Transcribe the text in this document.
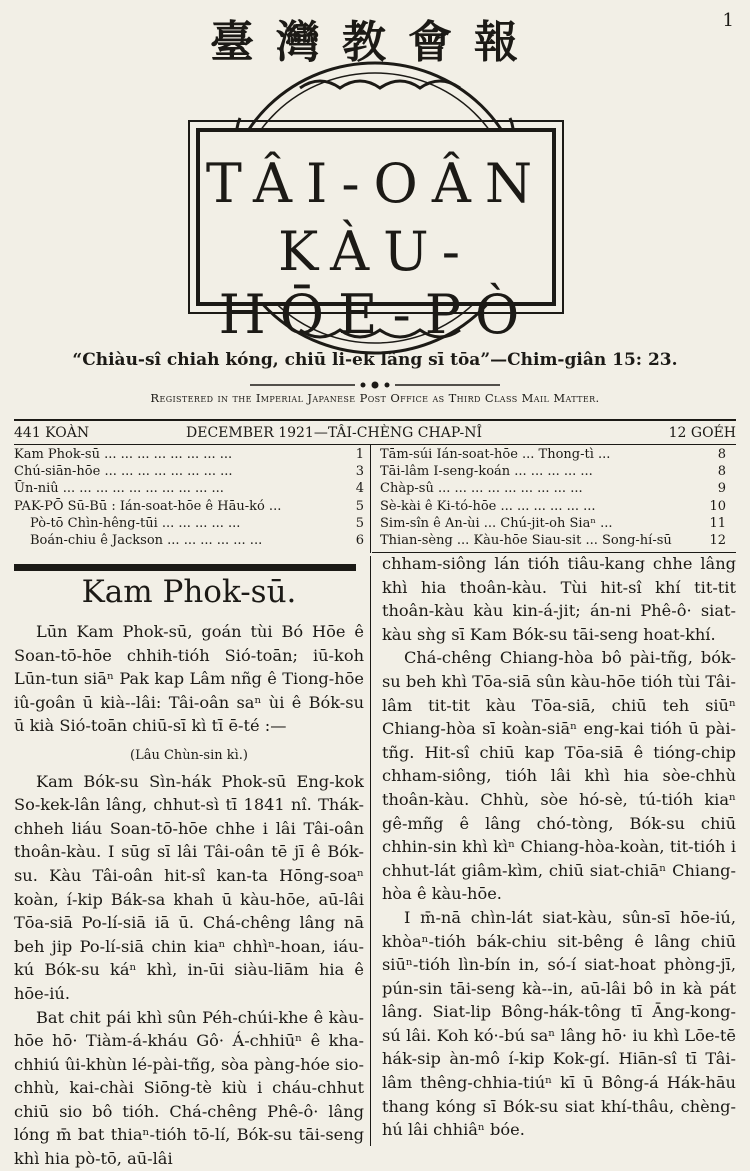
1
臺灣教會報
TÂI-OÂN
KÀU-HŌE-PÒ
“Chiàu-sî chiah kóng, chiū li-ek lâng sī tōa”—Chim-giân 15: 23.
Registered in the Imperial Japanese Post Office as Third Class Mail Matter.
441 KOÀN	DECEMBER 1921—TÂI-CHÈNG CHAP-NÎ	12 GOÉH
Kam Phok-sū ... ... ... ... ... ... ... ...	1
Chú-siān-hōe ... ... ... ... ... ... ... ...	3
Ūn-niû ... ... ... ... ... ... ... ... ... ...	4
PAK-PŌ Sū-Bū : Ián-soat-hōe ê Hāu-kó ...	5
Pò-tō Chìn-hêng-tūi ... ... ... ... ...	5
Boán-chiu ê Jackson ... ... ... ... ... ...	6
Tām-súi Ián-soat-hōe ... Thong-tì ...	8
Tāi-lâm I-seng-koán ... ... ... ... ...	8
Chàp-sû ... ... ... ... ... ... ... ... ...	9
Sè-kài ê Ki-tó-hōe ... ... ... ... ... ...	10
Sim-sîn ê An-ùi ... Chú-jit-oh Siaⁿ ...	11
Thian-sèng ... Kàu-hōe Siau-sit ... Song-hí-sū	12
Kam Phok-sū.

Lūn Kam Phok-sū, goán tùi Bó Hōe ê Soan-tō-hōe chhih-tióh Sió-toān; iū-koh Lūn-tun siāⁿ Pak kap Lâm nñg ê Tiong-hōe iû-goân ū kià--lâi: Tâi-oân saⁿ ùi ê Bók-su ū kià Sió-toān chiū-sī kì tī ē-té :—

(Lâu Chùn-sin kì.)

Kam Bók-su Sìn-hák Phok-sū Eng-kok So-kek-lân lâng, chhut-sì tī 1841 nî. Thák-chheh liáu Soan-tō-hōe chhe i lâi Tâi-oân thoân-kàu. I sūg sī lâi Tâi-oân tē jī ê Bók-su. Kàu Tâi-oân hit-sî kan-ta Hōng-soaⁿ koàn, í-kip Bák-sa khah ū kàu-hōe, aū-lâi Tōa-siā Po-lí-siā iā ū. Chá-chêng lâng nā beh jip Po-lí-siā chin kiaⁿ chhìⁿ-hoan, iáu-kú Bók-su káⁿ khì, in-ūi siàu-liām hia ê hōe-iú.

Bat chit pái khì sûn Péh-chúi-khe ê kàu-hōe hō· Tiàm-á-kháu Gô· Á-chhiūⁿ ê kha-chhiú ûi-khùn lé-pài-tñg, sòa pàng-hóe sio-chhù, kai-chài Siōng-tè kiù i cháu-chhut chiū sio bô tióh. Chá-chêng Phê-ô· lâng lóng m̄ bat thiaⁿ-tióh tō-lí, Bók-su tāi-seng khì hia pò-tō, aū-lâi

chham-siông lán tióh tiâu-kang chhe lâng khì hia thoân-kàu. Tùi hit-sî khí tit-tit thoân-kàu kàu kin-á-jit; án-ni Phê-ô· siat-kàu sǹg sī Kam Bók-su tāi-seng hoat-khí.

Chá-chêng Chiang-hòa bô pài-tñg, bók-su beh khì Tōa-siā sûn kàu-hōe tióh tùi Tâi-lâm tit-tit kàu Tōa-siā, chiū teh siūⁿ Chiang-hòa sī koàn-siāⁿ eng-kai tióh ū pài-tñg. Hit-sî chiū kap Tōa-siā ê tióng-chip chham-siông, tióh lâi khì hia sòe-chhù thoân-kàu. Chhù, sòe hó-sè, tú-tióh kiaⁿ gê-mñg ê lâng chó-tòng, Bók-su chiū chhin-sin khì kìⁿ Chiang-hòa-koàn, tit-tióh i chhut-lát giâm-kìm, chiū siat-chiāⁿ Chiang-hòa ê kàu-hōe.

I m̄-nā chìn-lát siat-kàu, sûn-sī hōe-iú, khòaⁿ-tióh bák-chiu sit-bêng ê lâng chiū siūⁿ-tióh lìn-bín in, só-í siat-hoat phòng-jī, pún-sin tāi-seng kà--in, aū-lâi bô in kà pát lâng. Siat-lip Bông-hák-tông tī Āng-kong-sú lâi. Koh kó·-bú saⁿ lâng hō· iu khì Lōe-tē hák-sip àn-mô í-kip Kok-gí. Hiān-sî tī Tâi-lâm thêng-chhia-tiúⁿ kī ū Bông-á Hák-hāu thang kóng sī Bók-su siat khí-thâu, chèng-hú lâi chhiâⁿ bóe.
